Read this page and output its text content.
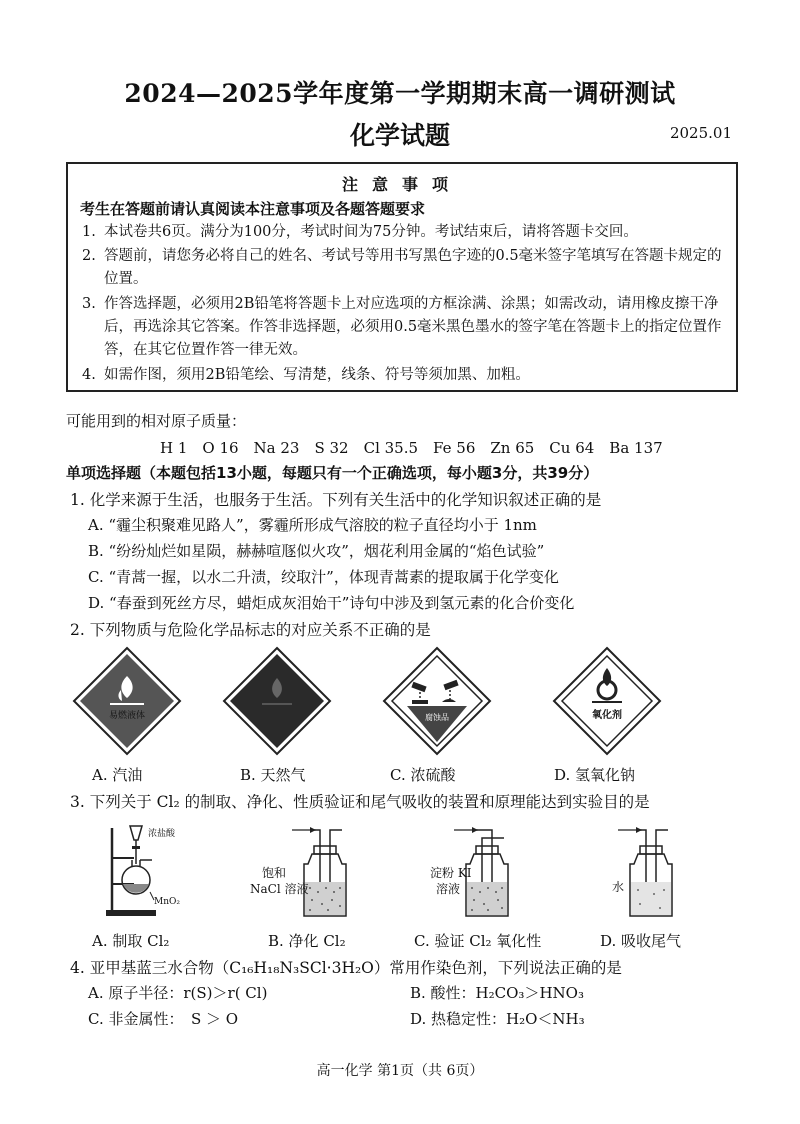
2024—2025学年度第一学期期末高一调研测试
化学试题	2025.01
注意事项
考生在答题前请认真阅读本注意事项及各题答题要求
1. 本试卷共6页。满分为100分，考试时间为75分钟。考试结束后，请将答题卡交回。
2. 答题前，请您务必将自己的姓名、考试号等用书写黑色字迹的0.5毫米签字笔填写在答题卡规定的位置。
3. 作答选择题，必须用2B铅笔将答题卡上对应选项的方框涂满、涂黑；如需改动，请用橡皮擦干净后，再选涂其它答案。作答非选择题，必须用0.5毫米黑色墨水的签字笔在答题卡上的指定位置作答，在其它位置作答一律无效。
4. 如需作图，须用2B铅笔绘、写清楚，线条、符号等须加黑、加粗。
可能用到的相对原子质量：
H 1　O 16　Na 23　S 32　Cl 35.5　Fe 56　Zn 65　Cu 64　Ba 137
单项选择题（本题包括13小题，每题只有一个正确选项，每小题3分，共39分）
1. 化学来源于生活，也服务于生活。下列有关生活中的化学知识叙述正确的是
A. “霾尘积聚难见路人”，雾霾所形成气溶胶的粒子直径均小于 1nm
B. “纷纷灿烂如星陨，赫赫喧豗似火攻”，烟花利用金属的“焰色试验”
C. “青蒿一握，以水二升渍，绞取汁”，体现青蒿素的提取属于化学变化
D. “春蚕到死丝方尽，蜡炬成灰泪始干”诗句中涉及到氢元素的化合价变化
2. 下列物质与危险化学品标志的对应关系不正确的是
易燃液体	腐蚀品	氧化剂
A. 汽油	B. 天然气	C. 浓硫酸	D. 氢氧化钠
3. 下列关于 Cl₂ 的制取、净化、性质验证和尾气吸收的装置和原理能达到实验目的是
浓盐酸
MnO₂
饱和
NaCl 溶液
淀粉 KI
溶液	水
A. 制取 Cl₂	B. 净化 Cl₂	C. 验证 Cl₂ 氧化性	D. 吸收尾气
4. 亚甲基蓝三水合物（C₁₆H₁₈N₃SCl·3H₂O）常用作染色剂，下列说法正确的是
A. 原子半径：r(S)＞r( Cl)	B. 酸性：H₂CO₃＞HNO₃
C. 非金属性：　S ＞ O	D. 热稳定性：H₂O＜NH₃
高一化学 第1页（共 6页）
